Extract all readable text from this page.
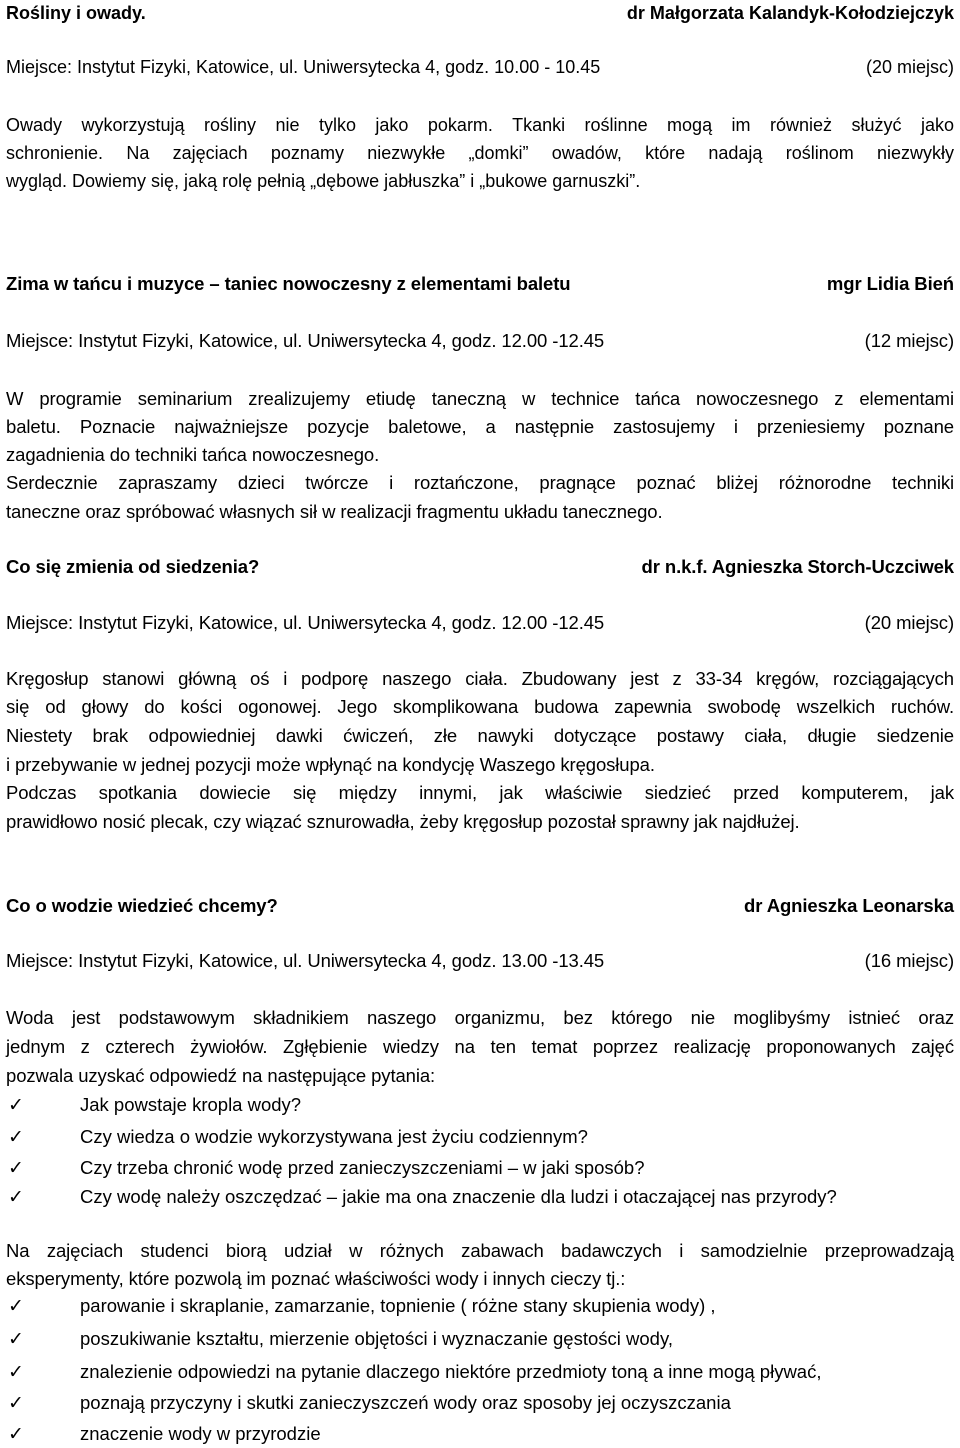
Rośliny i owady.	dr Małgorzata Kalandyk-Kołodziejczyk
Miejsce: Instytut Fizyki, Katowice, ul. Uniwersytecka 4, godz. 10.00 - 10.45	(20 miejsc)
Owady wykorzystują rośliny nie tylko jako pokarm. Tkanki roślinne mogą im również służyć jako
schronienie. Na zajęciach poznamy niezwykłe „domki” owadów, które nadają roślinom niezwykły
wygląd. Dowiemy się, jaką rolę pełnią „dębowe jabłuszka” i „bukowe garnuszki”.
Zima w tańcu i muzyce – taniec nowoczesny z elementami baletu	mgr Lidia Bień
Miejsce: Instytut Fizyki, Katowice, ul. Uniwersytecka 4, godz. 12.00 -12.45	(12 miejsc)
W programie seminarium zrealizujemy etiudę taneczną w technice tańca nowoczesnego z elementami
baletu. Poznacie najważniejsze pozycje baletowe, a następnie zastosujemy i przeniesiemy poznane
zagadnienia do techniki tańca nowoczesnego.
Serdecznie zapraszamy dzieci twórcze i roztańczone, pragnące poznać bliżej różnorodne techniki
taneczne oraz spróbować własnych sił w realizacji fragmentu układu tanecznego.
Co się zmienia od siedzenia?	dr n.k.f. Agnieszka Storch-Uczciwek
Miejsce: Instytut Fizyki, Katowice, ul. Uniwersytecka 4, godz. 12.00 -12.45	(20 miejsc)
Kręgosłup stanowi główną oś i podporę naszego ciała. Zbudowany jest z 33-34 kręgów, rozciągających
się od głowy do kości ogonowej. Jego skomplikowana budowa zapewnia swobodę wszelkich ruchów.
Niestety brak odpowiedniej dawki ćwiczeń, złe nawyki dotyczące postawy ciała, długie siedzenie
i przebywanie w jednej pozycji może wpłynąć na kondycję Waszego kręgosłupa.
Podczas spotkania dowiecie się między innymi, jak właściwie siedzieć przed komputerem, jak
prawidłowo nosić plecak, czy wiązać sznurowadła, żeby kręgosłup pozostał sprawny jak najdłużej.
Co o wodzie wiedzieć chcemy?	dr Agnieszka Leonarska
Miejsce: Instytut Fizyki, Katowice, ul. Uniwersytecka 4, godz. 13.00 -13.45	(16 miejsc)
Woda jest podstawowym składnikiem naszego organizmu, bez którego nie moglibyśmy istnieć oraz
jednym z czterech żywiołów. Zgłębienie wiedzy na ten temat poprzez realizację proponowanych zajęć
pozwala uzyskać odpowiedź na następujące pytania:
✓	Jak powstaje kropla wody?
✓	Czy wiedza o wodzie wykorzystywana jest życiu codziennym?
✓	Czy trzeba chronić wodę przed zanieczyszczeniami – w jaki sposób?
✓	Czy wodę należy oszczędzać – jakie ma ona znaczenie dla ludzi i otaczającej nas przyrody?
Na zajęciach studenci biorą udział w różnych zabawach badawczych i samodzielnie przeprowadzają
eksperymenty, które pozwolą im poznać właściwości wody i innych cieczy tj.:
✓	parowanie i skraplanie, zamarzanie, topnienie ( różne stany skupienia wody) ,
✓	poszukiwanie kształtu, mierzenie objętości i wyznaczanie gęstości wody,
✓	znalezienie odpowiedzi na pytanie dlaczego niektóre przedmioty toną a inne mogą pływać,
✓	poznają przyczyny i skutki zanieczyszczeń wody oraz sposoby jej oczyszczania
✓	znaczenie wody w przyrodzie
